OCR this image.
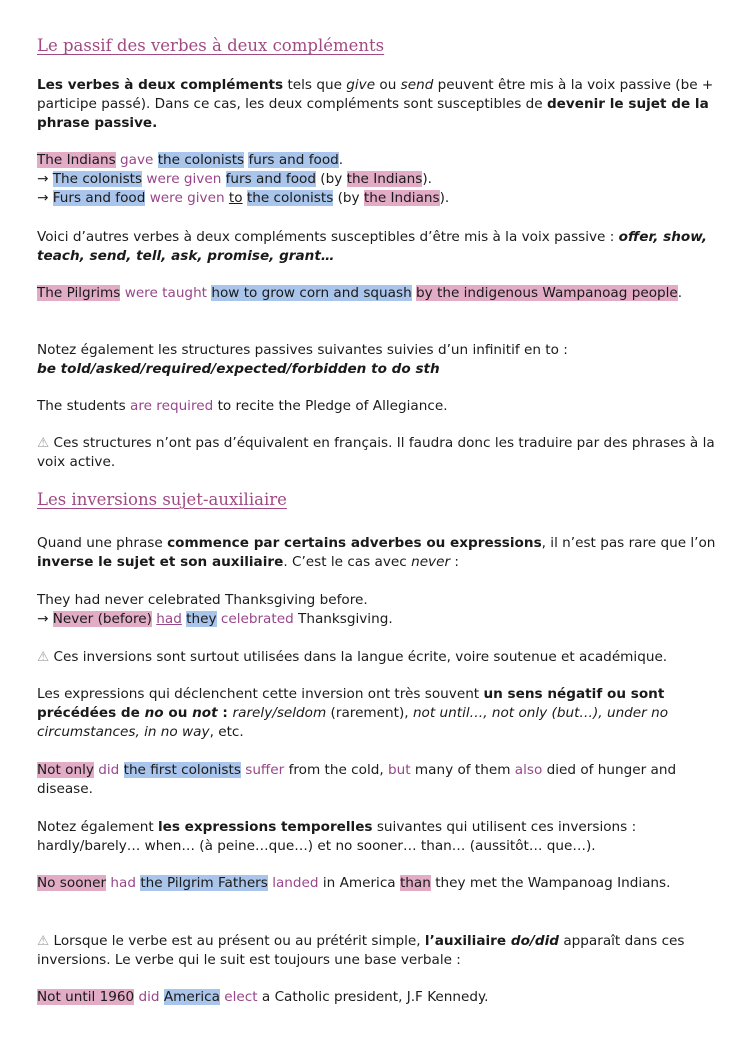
Le passif des verbes à deux compléments

Les verbes à deux compléments tels que give ou send peuvent être mis à la voix passive (be + participe passé). Dans ce cas, les deux compléments sont susceptibles de devenir le sujet de la phrase passive.

The Indians gave the colonists furs and food.

→ The colonists were given furs and food (by the Indians).

→ Furs and food were given to the colonists (by the Indians).

Voici d’autres verbes à deux compléments susceptibles d’être mis à la voix passive : offer, show, teach, send, tell, ask, promise, grant…

The Pilgrims were taught how to grow corn and squash by the indigenous Wampanoag people.

Notez également les structures passives suivantes suivies d’un infinitif en to :
be told/asked/required/expected/forbidden to do sth

The students are required to recite the Pledge of Allegiance.

⚠ Ces structures n’ont pas d’équivalent en français. Il faudra donc les traduire par des phrases à la voix active.

Les inversions sujet-auxiliaire

Quand une phrase commence par certains adverbes ou expressions, il n’est pas rare que l’on inverse le sujet et son auxiliaire. C’est le cas avec never :

They had never celebrated Thanksgiving before.
→ Never (before) had they celebrated Thanksgiving.

⚠ Ces inversions sont surtout utilisées dans la langue écrite, voire soutenue et académique.

Les expressions qui déclenchent cette inversion ont très souvent un sens négatif ou sont précédées de no ou not : rarely/seldom (rarement), not until…, not only (but…), under no circumstances, in no way, etc.

Not only did the first colonists suffer from the cold, but many of them also died of hunger and disease.

Notez également les expressions temporelles suivantes qui utilisent ces inversions : hardly/barely… when… (à peine…que…) et no sooner… than… (aussitôt… que…).

No sooner had the Pilgrim Fathers landed in America than they met the Wampanoag Indians.

⚠ Lorsque le verbe est au présent ou au prétérit simple, l’auxiliaire do/did apparaît dans ces inversions. Le verbe qui le suit est toujours une base verbale :

Not until 1960 did America elect a Catholic president, J.F Kennedy.
